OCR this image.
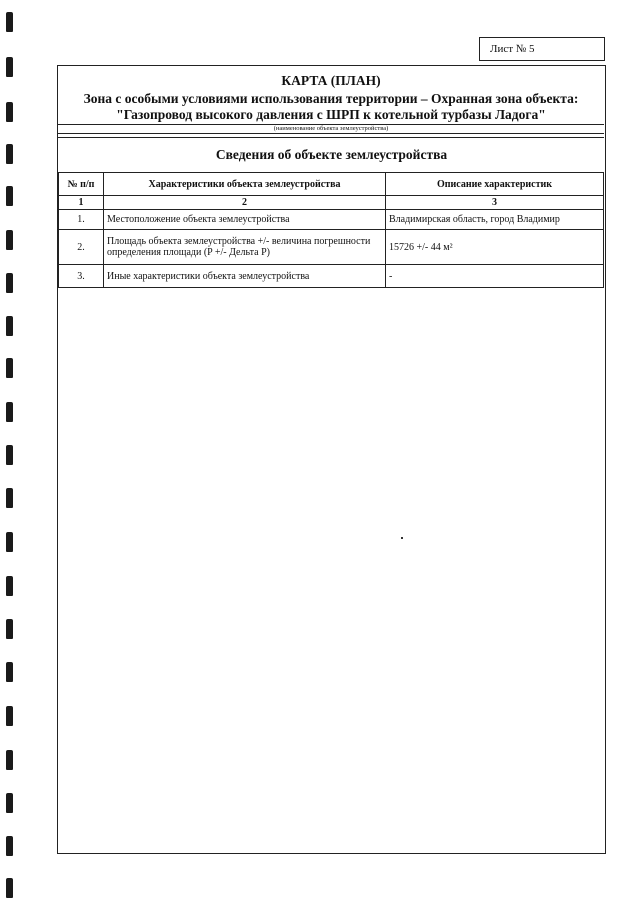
Лист № 5
КАРТА (ПЛАН)
Зона с особыми условиями использования территории – Охранная зона объекта:
"Газопровод высокого давления с ШРП к котельной турбазы Ладога"
(наименование объекта землеустройства)
Сведения об объекте землеустройства
№ п/п	Характеристики объекта землеустройства	Описание характеристик
1	2	3
1.	Местоположение объекта землеустройства	Владимирская область, город Владимир
2.	Площадь объекта землеустройства +/- величина погрешности определения площади (P +/- Дельта P)	15726 +/- 44 м²
3.	Иные характеристики объекта землеустройства	-
